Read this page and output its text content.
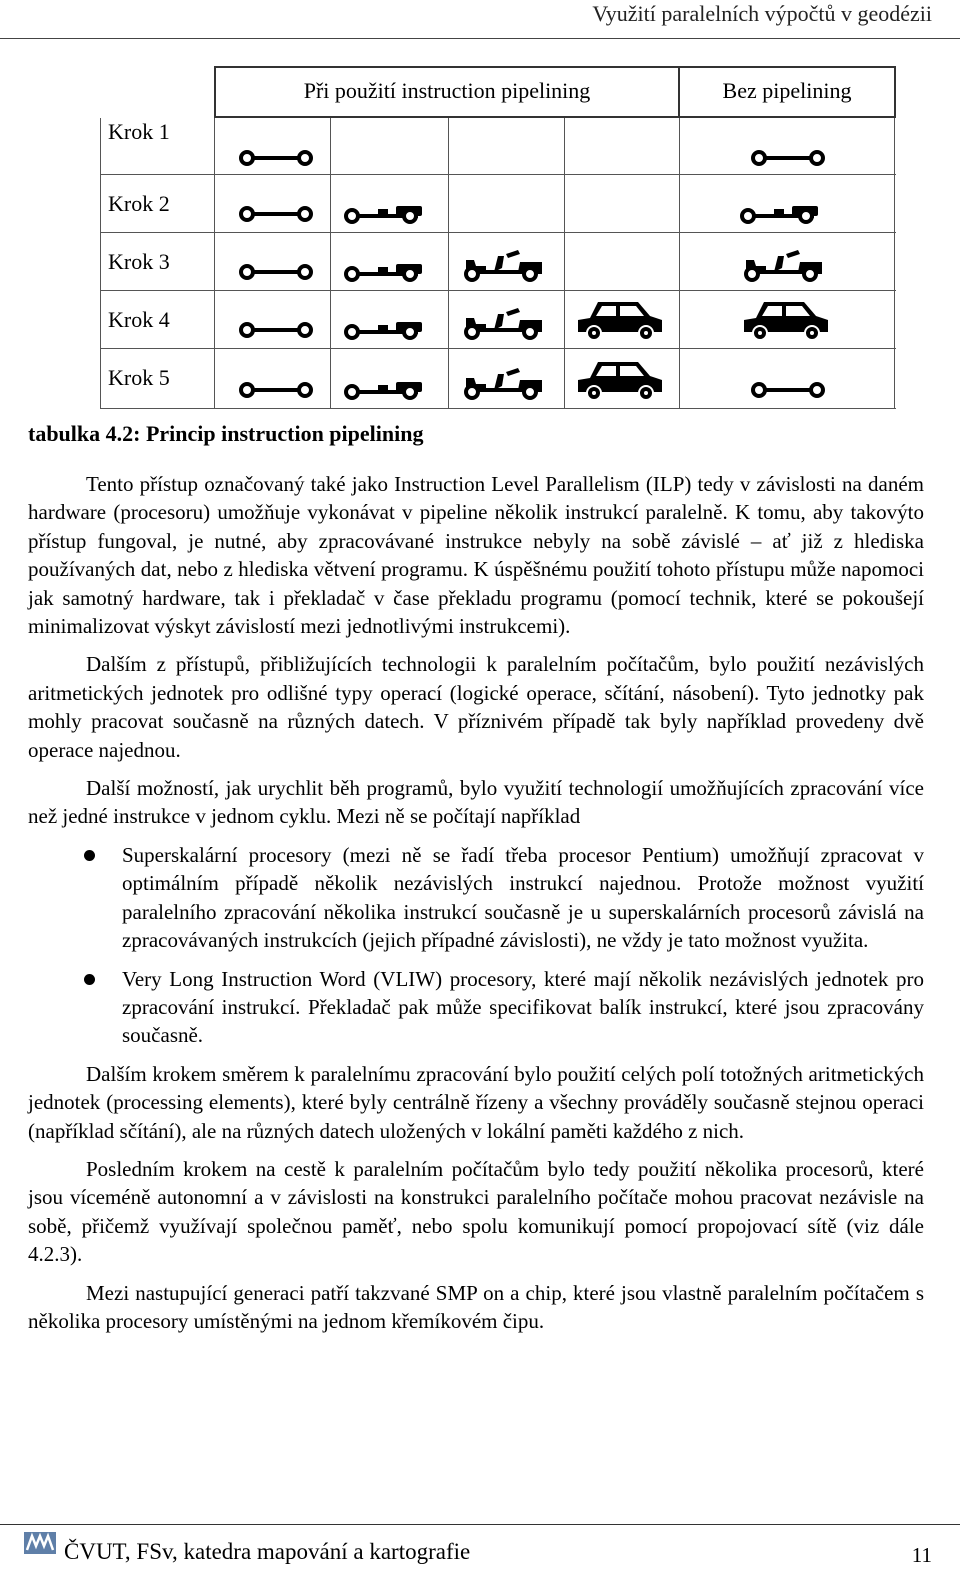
Využití paralelních výpočtů v geodézii
Při použití instruction pipelining	Bez pipelining
Krok 1
Krok 2
Krok 3
Krok 4
Krok 5
tabulka 4.2: Princip instruction pipelining

Tento přístup označovaný také jako Instruction Level Parallelism (ILP) tedy v závislosti na daném hardware (procesoru) umožňuje vykonávat v pipeline několik instrukcí paralelně. K tomu, aby takovýto přístup fungoval, je nutné, aby zpracovávané instrukce nebyly na sobě závislé – ať již z hlediska používaných dat, nebo z hlediska větvení programu. K úspěšnému použití tohoto přístupu může napomoci jak samotný hardware, tak i překladač v čase překladu programu (pomocí technik, které se pokoušejí minimalizovat výskyt závislostí mezi jednotlivými instrukcemi).

Dalším z přístupů, přibližujících technologii k paralelním počítačům, bylo použití nezávislých aritmetických jednotek pro odlišné typy operací (logické operace, sčítání, násobení). Tyto jednotky pak mohly pracovat současně na různých datech. V příznivém případě tak byly například provedeny dvě operace najednou.

Další možností, jak urychlit běh programů, bylo využití technologií umožňujících zpracování více než jedné instrukce v jednom cyklu. Mezi ně se počítají například

Superskalární procesory (mezi ně se řadí třeba procesor Pentium) umožňují zpracovat v optimálním případě několik nezávislých instrukcí najednou. Protože možnost využití paralelního zpracování několika instrukcí současně je u superskalárních procesorů závislá na zpracovávaných instrukcích (jejich případné závislosti), ne vždy je tato možnost využita.
Very Long Instruction Word (VLIW) procesory, které mají několik nezávislých jednotek pro zpracování instrukcí. Překladač pak může specifikovat balík instrukcí, které jsou zpracovány současně.

Dalším krokem směrem k paralelnímu zpracování bylo použití celých polí totožných aritmetických jednotek (processing elements), které byly centrálně řízeny a všechny prováděly současně stejnou operaci (například sčítání), ale na různých datech uložených v lokální paměti každého z nich.

Posledním krokem na cestě k paralelním počítačům bylo tedy použití několika procesorů, které jsou víceméně autonomní a v závislosti na konstrukci paralelního počítače mohou pracovat nezávisle na sobě, přičemž využívají společnou paměť, nebo spolu komunikují pomocí propojovací sítě (viz dále 4.2.3).

Mezi nastupující generaci patří takzvané SMP on a chip, které jsou vlastně paralelním počítačem s několika procesory umístěnými na jednom křemíkovém čipu.

ČVUT, FSv, katedra mapování a kartografie	11
